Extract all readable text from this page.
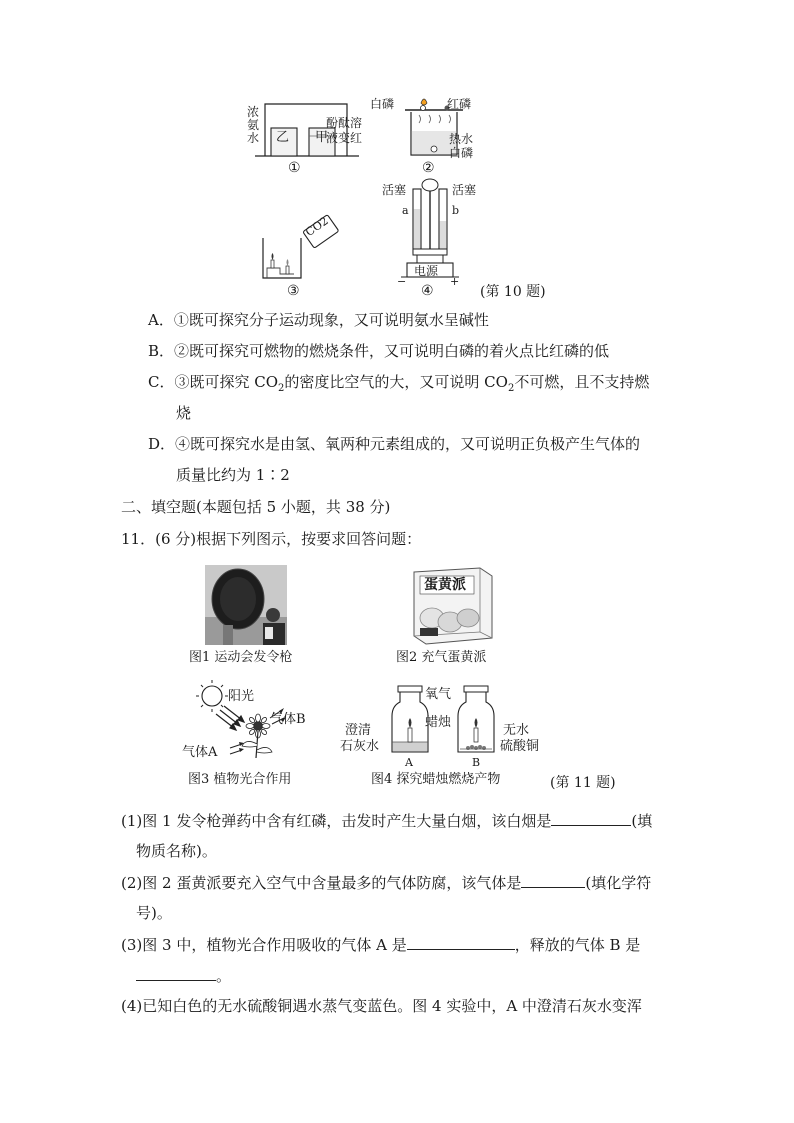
浓
氨
水 乙 甲
酚酞溶
液变红
①
白磷	红磷
热水
白磷
②
CO2
③
活塞	活塞
a	b
电源
−	+
④	(第 10 题)
A．①既可探究分子运动现象，又可说明氨水呈碱性
B．②既可探究可燃物的燃烧条件，又可说明白磷的着火点比红磷的低
C．③既可探究 $CO_2$的密度比空气的大，又可说明 $CO_2$不可燃，且不支持燃
烧
D．④既可探究水是由氢、氧两种元素组成的，又可说明正负极产生气体的
质量比约为 1∶2
二、填空题(本题包括 5 小题，共 38 分)
11．(6 分)根据下列图示，按要求回答问题：
图1 运动会发令枪
蛋黄派
图2 充气蛋黄派
阳光
气体B
气体A
图3 植物光合作用
氧气
蜡烛
澄清
石灰水
无水
硫酸铜
A	B
图4 探究蜡烛燃烧产物	(第 11 题)
(1)图 1 发令枪弹药中含有红磷，击发时产生大量白烟，该白烟是	(填
物质名称)。
(2)图 2 蛋黄派要充入空气中含量最多的气体防腐，该气体是	(填化学符
号)。
(3)图 3 中，植物光合作用吸收的气体 A 是	，释放的气体 B 是
。
(4)已知白色的无水硫酸铜遇水蒸气变蓝色。图 4 实验中，A 中澄清石灰水变浑
